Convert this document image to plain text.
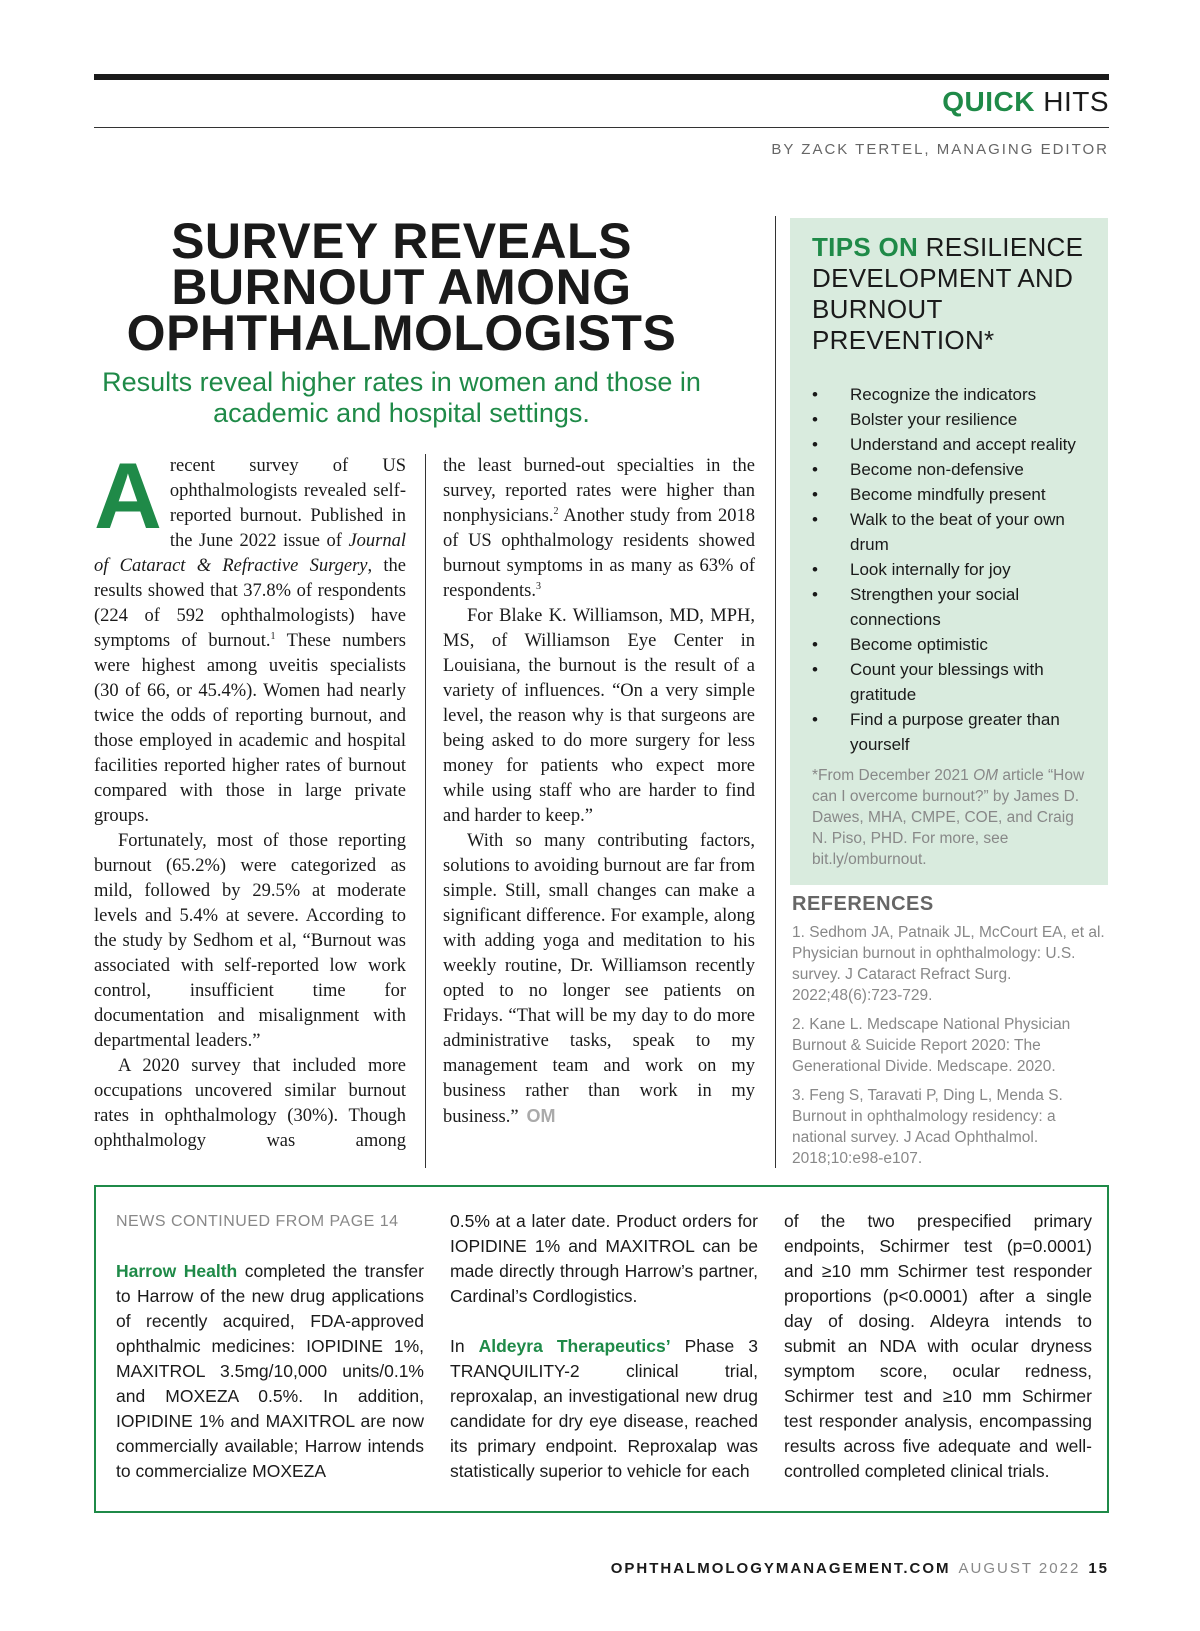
QUICK HITS
BY ZACK TERTEL, MANAGING EDITOR
SURVEY REVEALS
BURNOUT AMONG
OPHTHALMOLOGISTS
Results reveal higher rates in women and those in academic and hospital settings.

Arecent survey of US ophthalmologists revealed self-reported burnout. Published in the June 2022 issue of Journal of Cataract & Refractive Surgery, the results showed that 37.8% of respondents (224 of 592 ophthalmologists) have symptoms of burnout.$^1$ These numbers were highest among uveitis specialists (30 of 66, or 45.4%). Women had nearly twice the odds of reporting burnout, and those employed in academic and hospital facilities reported higher rates of burnout compared with those in large private groups.

Fortunately, most of those reporting burnout (65.2%) were categorized as mild, followed by 29.5% at moderate levels and 5.4% at severe. According to the study by Sedhom et al, “Burnout was associated with self-reported low work control, insufficient time for documentation and misalignment with departmental leaders.”

A 2020 survey that included more occupations uncovered similar burnout rates in ophthalmology (30%). Though ophthalmology was among

the least burned-out specialties in the survey, reported rates were higher than nonphysicians.$^2$ Another study from 2018 of US ophthalmology residents showed burnout symptoms in as many as 63% of respondents.$^3$

For Blake K. Williamson, MD, MPH, MS, of Williamson Eye Center in Louisiana, the burnout is the result of a variety of influences. “On a very simple level, the reason why is that surgeons are being asked to do more surgery for less money for patients who expect more while using staff who are harder to find and harder to keep.”

With so many contributing factors, solutions to avoiding burnout are far from simple. Still, small changes can make a significant difference. For example, along with adding yoga and meditation to his weekly routine, Dr. Williamson recently opted to no longer see patients on Fridays. “That will be my day to do more administrative tasks, speak to my management team and work on my business rather than work in my business.” OM

TIPS ON RESILIENCE DEVELOPMENT AND BURNOUT PREVENTION*
• Recognize the indicators
• Bolster your resilience
• Understand and accept reality
• Become non-defensive
• Become mindfully present
• Walk to the beat of your own drum
• Look internally for joy
• Strengthen your social connections
• Become optimistic
• Count your blessings with gratitude
• Find a purpose greater than yourself
*From December 2021 OM article “How can I overcome burnout?” by James D. Dawes, MHA, CMPE, COE, and Craig N. Piso, PHD. For more, see bit.ly/omburnout.
REFERENCES
1. Sedhom JA, Patnaik JL, McCourt EA, et al. Physician burnout in ophthalmology: U.S. survey. J Cataract Refract Surg. 2022;48(6):723-729.
2. Kane L. Medscape National Physician Burnout & Suicide Report 2020: The Generational Divide. Medscape. 2020.
3. Feng S, Taravati P, Ding L, Menda S. Burnout in ophthalmology residency: a national survey. J Acad Ophthalmol. 2018;10:e98-e107.

NEWS CONTINUED FROM PAGE 14

Harrow Health completed the transfer to Harrow of the new drug applications of recently acquired, FDA-approved ophthalmic medicines: IOPIDINE 1%, MAXITROL 3.5mg/10,000 units/0.1% and MOXEZA 0.5%. In addition, IOPIDINE 1% and MAXITROL are now commercially available; Harrow intends to commercialize MOXEZA

0.5% at a later date. Product orders for IOPIDINE 1% and MAXITROL can be made directly through Harrow’s partner, Cardinal’s Cordlogistics.

In Aldeyra Therapeutics’ Phase 3 TRANQUILITY-2 clinical trial, reproxalap, an investigational new drug candidate for dry eye disease, reached its primary endpoint. Reproxalap was statistically superior to vehicle for each

of the two prespecified primary endpoints, Schirmer test (p=0.0001) and ≥10 mm Schirmer test responder proportions (p<0.0001) after a single day of dosing. Aldeyra intends to submit an NDA with ocular dryness symptom score, ocular redness, Schirmer test and ≥10 mm Schirmer test responder analysis, encompassing results across five adequate and well-controlled completed clinical trials.

OPHTHALMOLOGYMANAGEMENT.COM AUGUST 2022 15
